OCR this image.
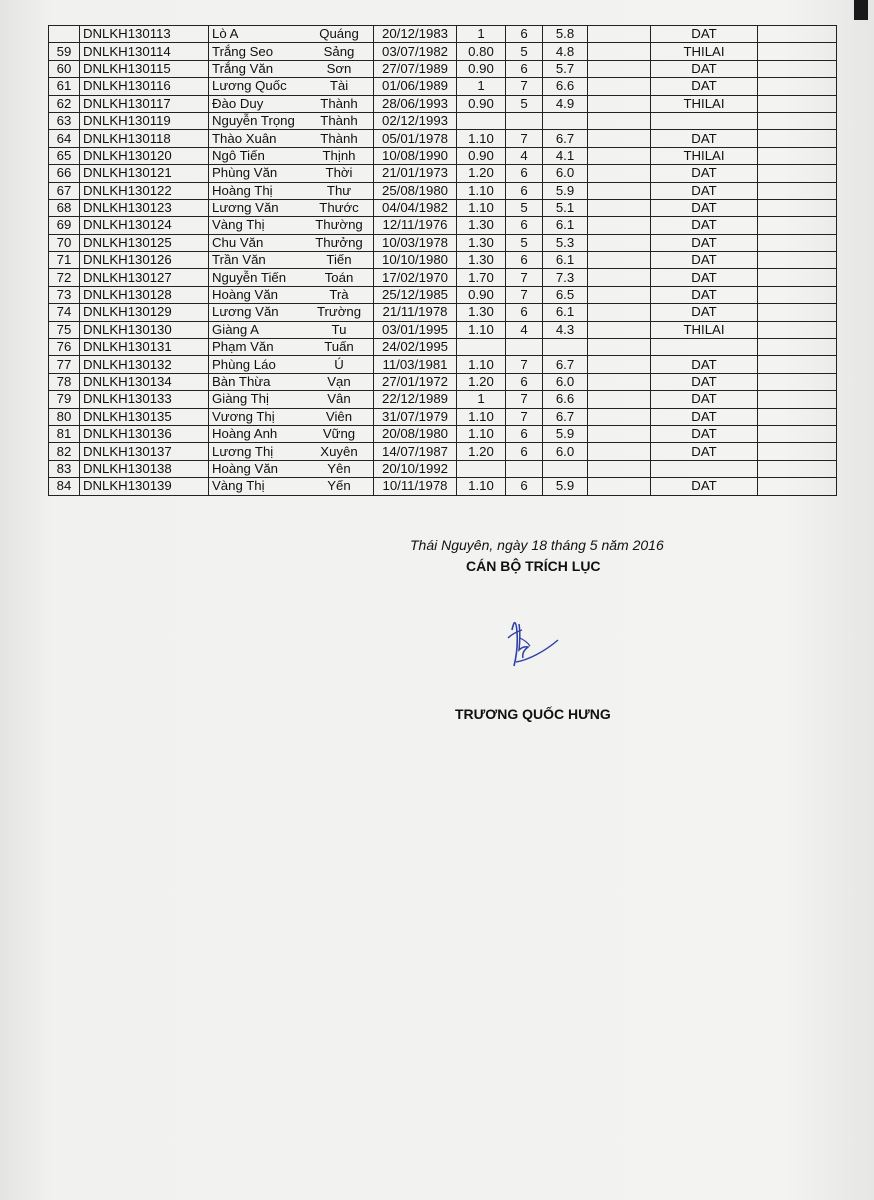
	DNLKH130113	Lò A	Quáng	20/12/1983	1	6	5.8		DAT	
59	DNLKH130114	Trắng Seo	Sảng	03/07/1982	0.80	5	4.8		THILAI	
60	DNLKH130115	Trắng Văn	Sơn	27/07/1989	0.90	6	5.7		DAT	
61	DNLKH130116	Lương Quốc	Tài	01/06/1989	1	7	6.6		DAT	
62	DNLKH130117	Đào Duy	Thành	28/06/1993	0.90	5	4.9		THILAI	
63	DNLKH130119	Nguyễn Trọng	Thành	02/12/1993						
64	DNLKH130118	Thào Xuân	Thành	05/01/1978	1.10	7	6.7		DAT	
65	DNLKH130120	Ngô Tiến	Thịnh	10/08/1990	0.90	4	4.1		THILAI	
66	DNLKH130121	Phùng Văn	Thời	21/01/1973	1.20	6	6.0		DAT	
67	DNLKH130122	Hoàng Thị	Thư	25/08/1980	1.10	6	5.9		DAT	
68	DNLKH130123	Lương Văn	Thước	04/04/1982	1.10	5	5.1		DAT	
69	DNLKH130124	Vàng Thị	Thường	12/11/1976	1.30	6	6.1		DAT	
70	DNLKH130125	Chu Văn	Thưởng	10/03/1978	1.30	5	5.3		DAT	
71	DNLKH130126	Trần Văn	Tiến	10/10/1980	1.30	6	6.1		DAT	
72	DNLKH130127	Nguyễn Tiến	Toán	17/02/1970	1.70	7	7.3		DAT	
73	DNLKH130128	Hoàng Văn	Trà	25/12/1985	0.90	7	6.5		DAT	
74	DNLKH130129	Lương Văn	Trường	21/11/1978	1.30	6	6.1		DAT	
75	DNLKH130130	Giàng A	Tu	03/01/1995	1.10	4	4.3		THILAI	
76	DNLKH130131	Phạm Văn	Tuấn	24/02/1995						
77	DNLKH130132	Phùng Láo	Ú	11/03/1981	1.10	7	6.7		DAT	
78	DNLKH130134	Bàn Thừa	Vạn	27/01/1972	1.20	6	6.0		DAT	
79	DNLKH130133	Giàng Thị	Vân	22/12/1989	1	7	6.6		DAT	
80	DNLKH130135	Vương Thị	Viên	31/07/1979	1.10	7	6.7		DAT	
81	DNLKH130136	Hoàng Anh	Vững	20/08/1980	1.10	6	5.9		DAT	
82	DNLKH130137	Lương Thị	Xuyên	14/07/1987	1.20	6	6.0		DAT	
83	DNLKH130138	Hoàng Văn	Yên	20/10/1992						
84	DNLKH130139	Vàng Thị	Yến	10/11/1978	1.10	6	5.9		DAT	
Thái Nguyên, ngày 18 tháng 5 năm 2016
CÁN BỘ TRÍCH LỤC
TRƯƠNG QUỐC HƯNG
